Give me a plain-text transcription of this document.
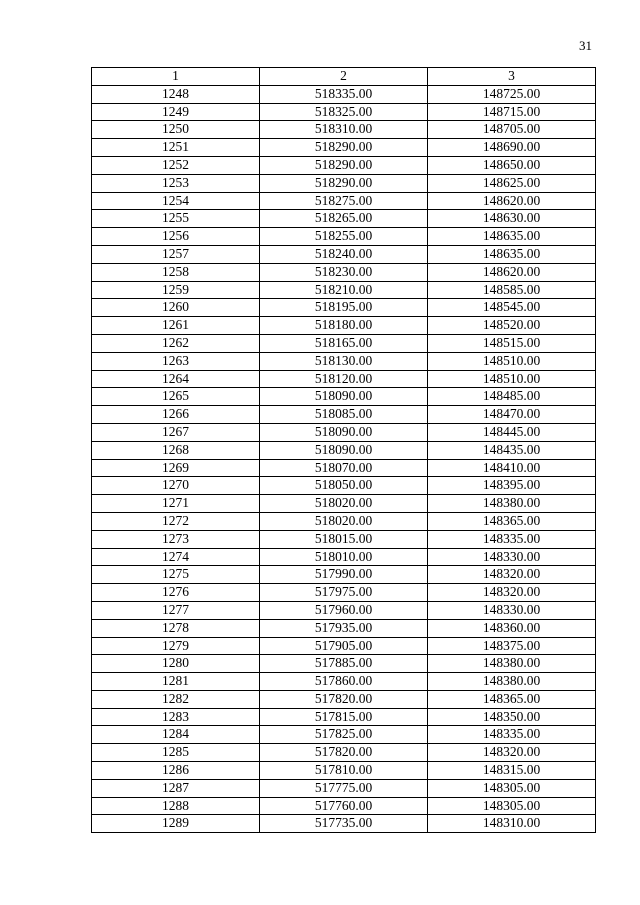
31
1	2	3
1248	518335.00	148725.00
1249	518325.00	148715.00
1250	518310.00	148705.00
1251	518290.00	148690.00
1252	518290.00	148650.00
1253	518290.00	148625.00
1254	518275.00	148620.00
1255	518265.00	148630.00
1256	518255.00	148635.00
1257	518240.00	148635.00
1258	518230.00	148620.00
1259	518210.00	148585.00
1260	518195.00	148545.00
1261	518180.00	148520.00
1262	518165.00	148515.00
1263	518130.00	148510.00
1264	518120.00	148510.00
1265	518090.00	148485.00
1266	518085.00	148470.00
1267	518090.00	148445.00
1268	518090.00	148435.00
1269	518070.00	148410.00
1270	518050.00	148395.00
1271	518020.00	148380.00
1272	518020.00	148365.00
1273	518015.00	148335.00
1274	518010.00	148330.00
1275	517990.00	148320.00
1276	517975.00	148320.00
1277	517960.00	148330.00
1278	517935.00	148360.00
1279	517905.00	148375.00
1280	517885.00	148380.00
1281	517860.00	148380.00
1282	517820.00	148365.00
1283	517815.00	148350.00
1284	517825.00	148335.00
1285	517820.00	148320.00
1286	517810.00	148315.00
1287	517775.00	148305.00
1288	517760.00	148305.00
1289	517735.00	148310.00
